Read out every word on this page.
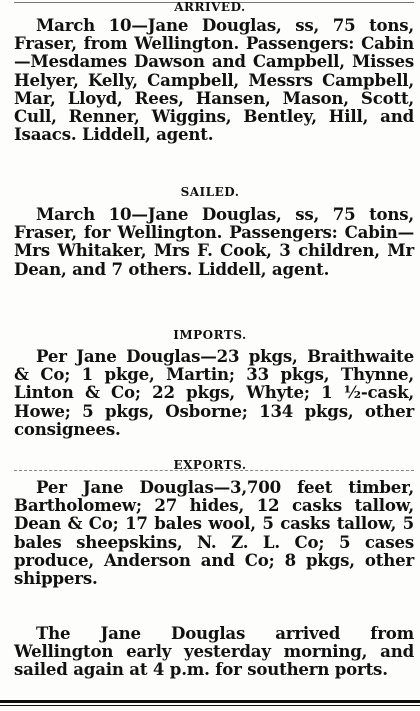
ARRIVED.
March 10—Jane Douglas, ss, 75 tons, Fraser, from Wellington. Passengers: Cabin—Mesdames Dawson and Campbell, Misses Helyer, Kelly, Campbell, Messrs Campbell, Mar, Lloyd, Rees, Hansen, Mason, Scott, Cull, Renner, Wiggins, Bentley, Hill, and Isaacs. Liddell, agent.
SAILED.
March 10—Jane Douglas, ss, 75 tons, Fraser, for Wellington. Passengers: Cabin—Mrs Whitaker, Mrs F. Cook, 3 children, Mr Dean, and 7 others. Liddell, agent.
IMPORTS.
Per Jane Douglas—23 pkgs, Braithwaite & Co; 1 pkge, Martin; 33 pkgs, Thynne, Linton & Co; 22 pkgs, Whyte; 1 ½-cask, Howe; 5 pkgs, Osborne; 134 pkgs, other consignees.
EXPORTS.
Per Jane Douglas—3,700 feet timber, Bartholomew; 27 hides, 12 casks tallow, Dean & Co; 17 bales wool, 5 casks tallow, 5 bales sheepskins, N. Z. L. Co; 5 cases produce, Anderson and Co; 8 pkgs, other shippers.
The Jane Douglas arrived from Wellington early yesterday morning, and sailed again at 4 p.m. for southern ports.
